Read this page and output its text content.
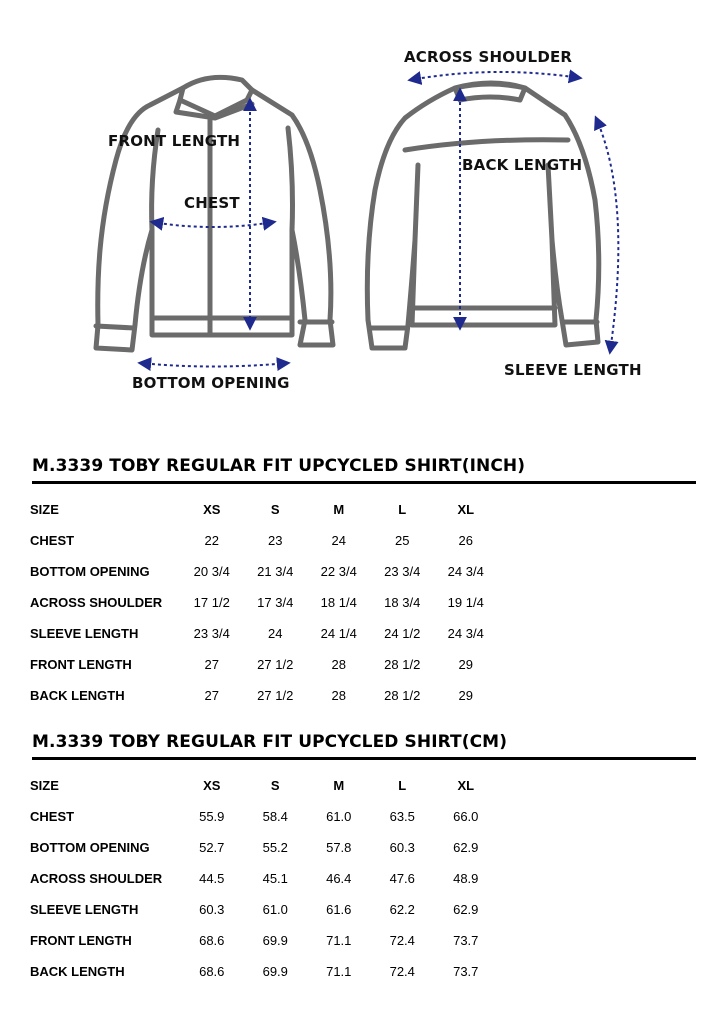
FRONT LENGTH
CHEST
BOTTOM OPENING
ACROSS SHOULDER
BACK LENGTH
SLEEVE LENGTH
M.3339 TOBY REGULAR FIT UPCYCLED SHIRT(INCH)
SIZE	XS	S	M	L	XL
CHEST	22	23	24	25	26
BOTTOM OPENING	20 3/4	21 3/4	22 3/4	23 3/4	24 3/4
ACROSS SHOULDER	17 1/2	17 3/4	18 1/4	18 3/4	19 1/4
SLEEVE LENGTH	23 3/4	24	24 1/4	24 1/2	24 3/4
FRONT LENGTH	27	27 1/2	28	28 1/2	29
BACK LENGTH	27	27 1/2	28	28 1/2	29
M.3339 TOBY REGULAR FIT UPCYCLED SHIRT(CM)
SIZE	XS	S	M	L	XL
CHEST	55.9	58.4	61.0	63.5	66.0
BOTTOM OPENING	52.7	55.2	57.8	60.3	62.9
ACROSS SHOULDER	44.5	45.1	46.4	47.6	48.9
SLEEVE LENGTH	60.3	61.0	61.6	62.2	62.9
FRONT LENGTH	68.6	69.9	71.1	72.4	73.7
BACK LENGTH	68.6	69.9	71.1	72.4	73.7
